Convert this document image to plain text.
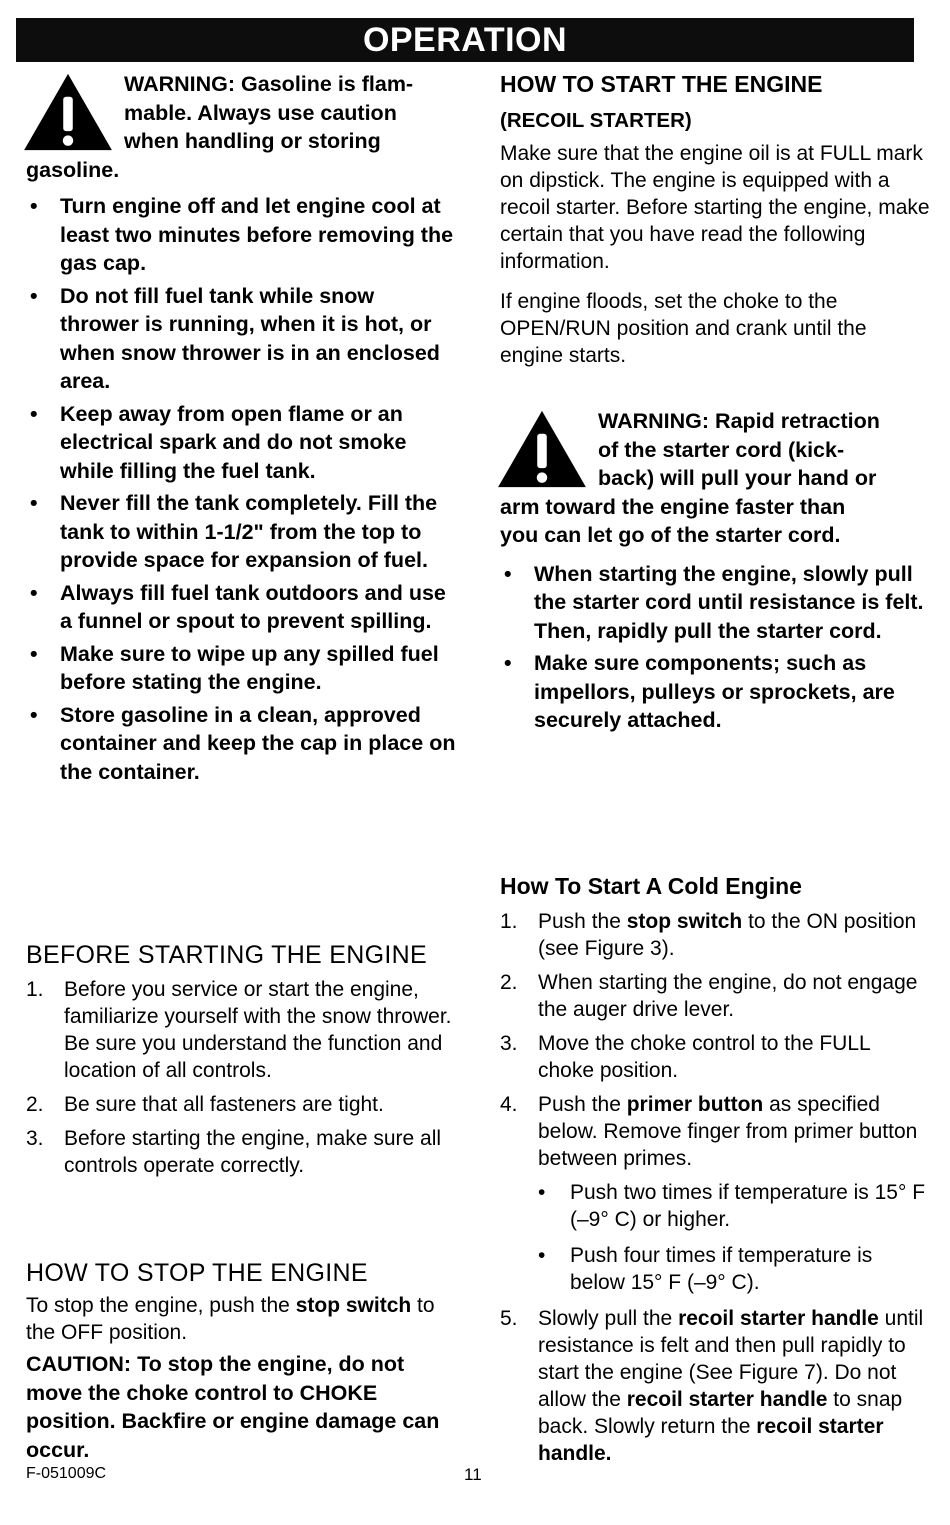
OPERATION
WARNING: Gasoline is flam-
mable. Always use caution
when handling or storing
gasoline.
• Turn engine off and let engine cool at least two minutes before removing the gas cap.
• Do not fill fuel tank while snow thrower is running, when it is hot, or when snow thrower is in an enclosed area.
• Keep away from open flame or an electrical spark and do not smoke while filling the fuel tank.
• Never fill the tank completely. Fill the tank to within 1-1/2" from the top to provide space for expansion of fuel.
• Always fill fuel tank outdoors and use a funnel or spout to prevent spilling.
• Make sure to wipe up any spilled fuel before stating the engine.
• Store gasoline in a clean, approved container and keep the cap in place on the container.
BEFORE STARTING THE ENGINE
1. Before you service or start the engine, familiarize yourself with the snow thrower. Be sure you understand the function and location of all controls.
2. Be sure that all fasteners are tight.
3. Before starting the engine, make sure all controls operate correctly.
HOW TO STOP THE ENGINE
To stop the engine, push the stop switch to the OFF position.
CAUTION: To stop the engine, do not move the choke control to CHOKE position. Backfire or engine damage can occur.
HOW TO START THE ENGINE
(RECOIL STARTER)
Make sure that the engine oil is at FULL mark on dipstick. The engine is equipped with a recoil starter. Before starting the engine, make certain that you have read the following information.
If engine floods, set the choke to the OPEN/RUN position and crank until the engine starts.
WARNING: Rapid retraction
of the starter cord (kick-
back) will pull your hand or
arm toward the engine faster than
you can let go of the starter cord.
• When starting the engine, slowly pull the starter cord until resistance is felt. Then, rapidly pull the starter cord.
• Make sure components; such as impellors, pulleys or sprockets, are securely attached.
How To Start A Cold Engine
1. Push the stop switch to the ON position (see Figure 3).
2. When starting the engine, do not engage the auger drive lever.
3. Move the choke control to the FULL choke position.
4. Push the primer button as specified below. Remove finger from primer button between primes.
• Push two times if temperature is 15° F (–9° C) or higher.
• Push four times if temperature is below 15° F (–9° C).
5. Slowly pull the recoil starter handle until resistance is felt and then pull rapidly to start the engine (See Figure 7). Do not allow the recoil starter handle to snap back. Slowly return the recoil starter handle.
F-051009C	11
